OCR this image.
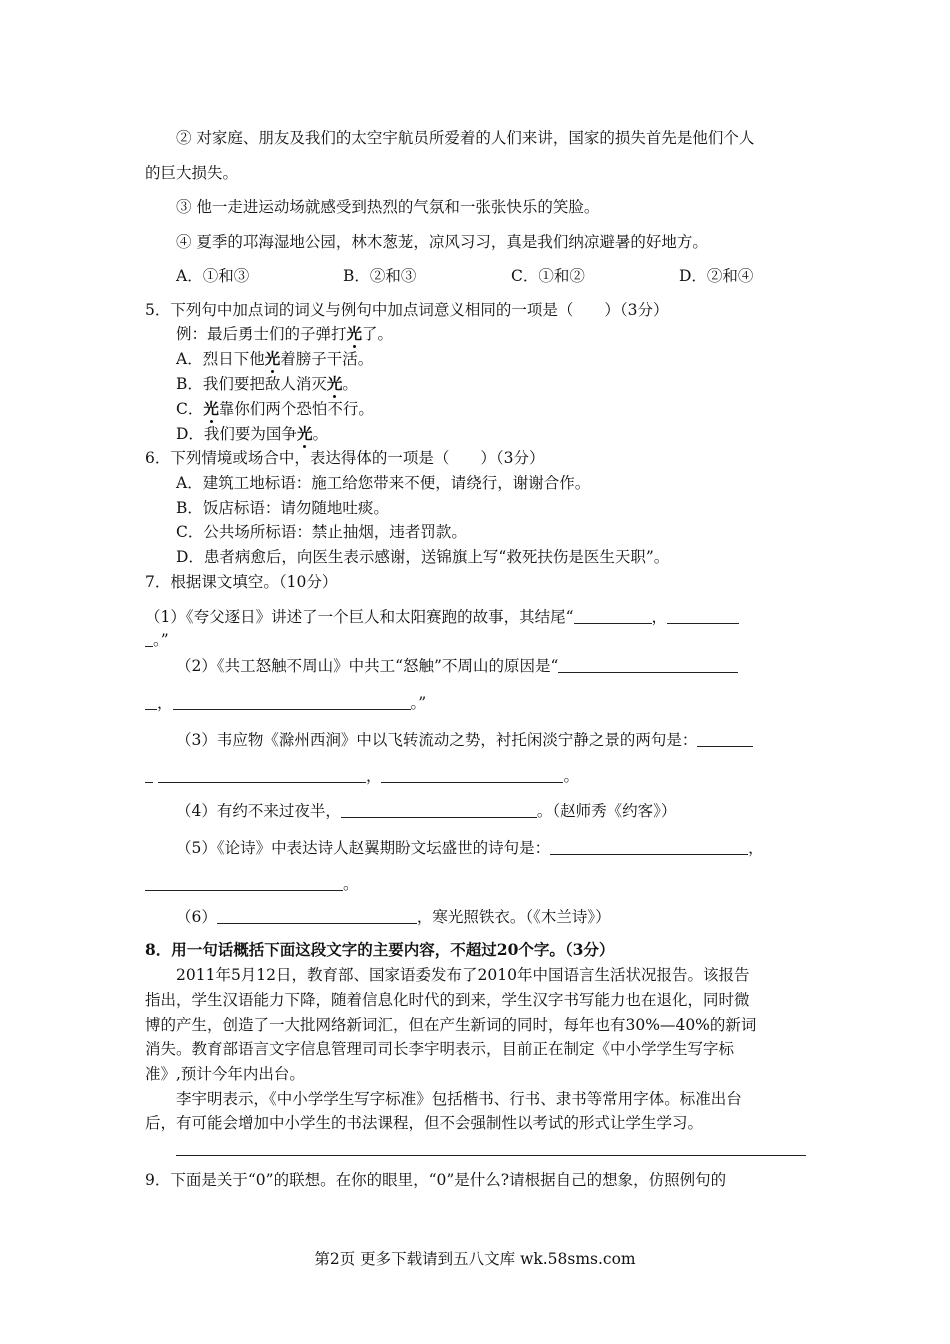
② 对家庭、朋友及我们的太空宇航员所爱着的人们来讲，国家的损失首先是他们个人
的巨大损失。
③ 他一走进运动场就感受到热烈的气氛和一张张快乐的笑脸。
④ 夏季的邛海湿地公园，林木葱茏，凉风习习，真是我们纳凉避暑的好地方。
A．①和③	B．②和③	C．①和②	D．②和④
5．下列句中加点词的词义与例句中加点词意义相同的一项是（　　）（3分）
例：最后勇士们的子弹打光了。
A．烈日下他光着膀子干活。
B．我们要把敌人消灭光。
C．光靠你们两个恐怕不行。
D．我们要为国争光。
6．下列情境或场合中，表达得体的一项是（　　）（3分）
A．建筑工地标语：施工给您带来不便，请绕行，谢谢合作。
B．饭店标语：请勿随地吐痰。
C．公共场所标语：禁止抽烟，违者罚款。
D．患者病愈后，向医生表示感谢，送锦旗上写“救死扶伤是医生天职”。
7．根据课文填空。（10分）
（1）《夸父逐日》讲述了一个巨人和太阳赛跑的故事，其结尾“	，
。”
（2）《共工怒触不周山》中共工“怒触”不周山的原因是“
，	。”
（3）韦应物《滁州西涧》中以飞转流动之势，衬托闲淡宁静之景的两句是：
，	。
（4）有约不来过夜半，	。（赵师秀《约客》）
（5）《论诗》中表达诗人赵翼期盼文坛盛世的诗句是：	，
。
（6）	，寒光照铁衣。（《木兰诗》）
8．用一句话概括下面这段文字的主要内容，不超过20个字。（3分）
2011年5月12日，教育部、国家语委发布了2010年中国语言生活状况报告。该报告
指出，学生汉语能力下降，随着信息化时代的到来，学生汉字书写能力也在退化，同时微
博的产生，创造了一大批网络新词汇，但在产生新词的同时，每年也有30%—40%的新词
消失。教育部语言文字信息管理司司长李宇明表示，目前正在制定《中小学学生写字标
准》,预计今年内出台。
李宇明表示，《中小学学生写字标准》包括楷书、行书、隶书等常用字体。标准出台
后，有可能会增加中小学生的书法课程，但不会强制性以考试的形式让学生学习。
9．下面是关于“0”的联想。在你的眼里，“0”是什么?请根据自己的想象，仿照例句的
第2页 更多下载请到五八文库 wk.58sms.com
